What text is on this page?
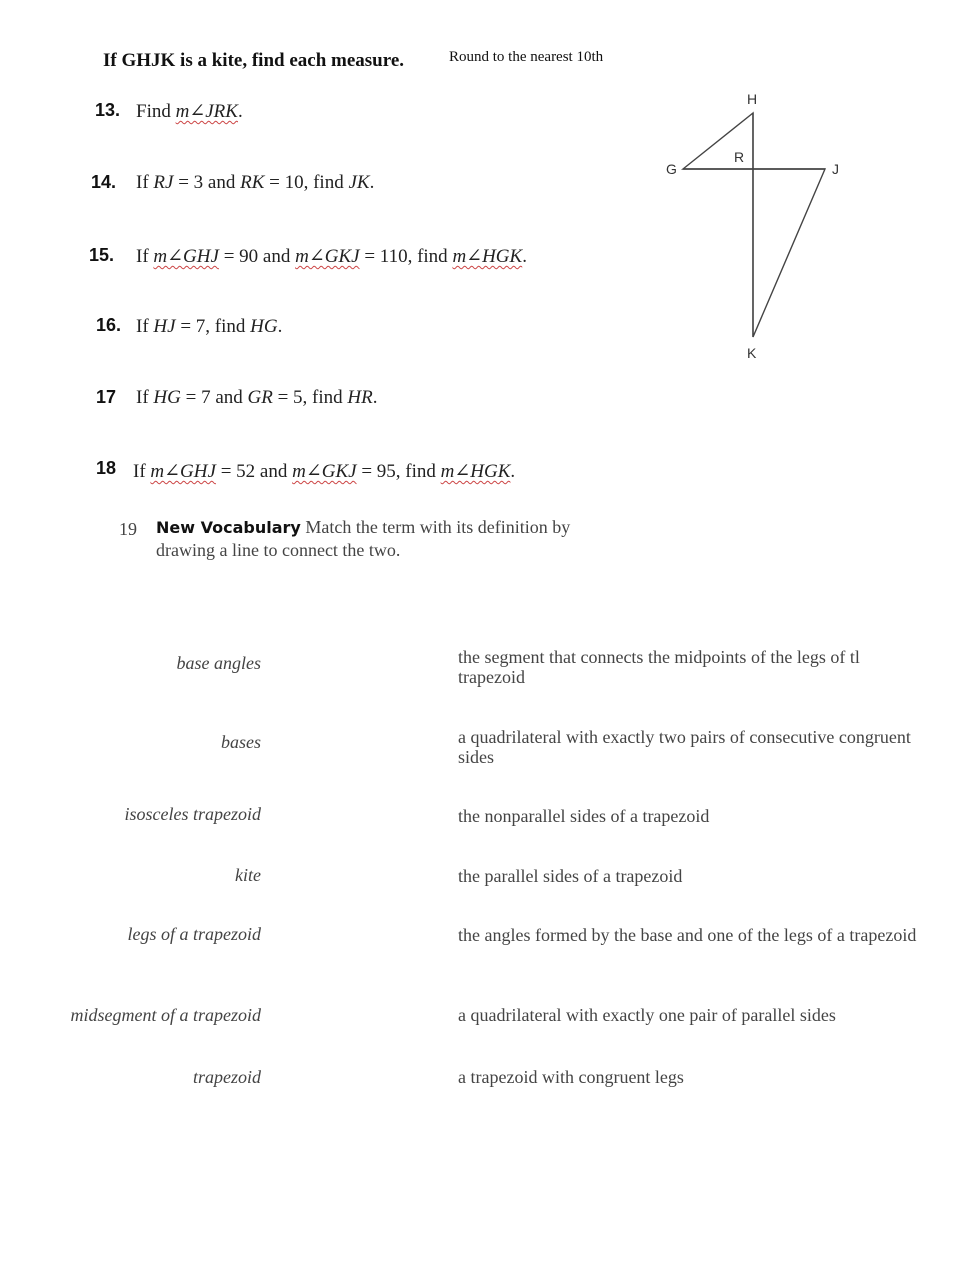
If GHJK is a kite, find each measure.	Round to the nearest 10th
13. Find m∠JRK.
14. If RJ = 3 and RK = 10, find JK.
15. If m∠GHJ = 90 and m∠GKJ = 110, find m∠HGK.
16. If HJ = 7, find HG.
17 If HG = 7 and GR = 5, find HR.
18 If m∠GHJ = 52 and m∠GKJ = 95, find m∠HGK.
H
G	J
R
K
19 New Vocabulary Match the term with its definition by
drawing a line to connect the two.
base angles
bases
isosceles trapezoid
kite
legs of a trapezoid
midsegment of a trapezoid
trapezoid
the segment that connects the midpoints of the legs of tl trapezoid
a quadrilateral with exactly two pairs of consecutive congruent sides
the nonparallel sides of a trapezoid
the parallel sides of a trapezoid
the angles formed by the base and one of the legs of a trapezoid
a quadrilateral with exactly one pair of parallel sides
a trapezoid with congruent legs
